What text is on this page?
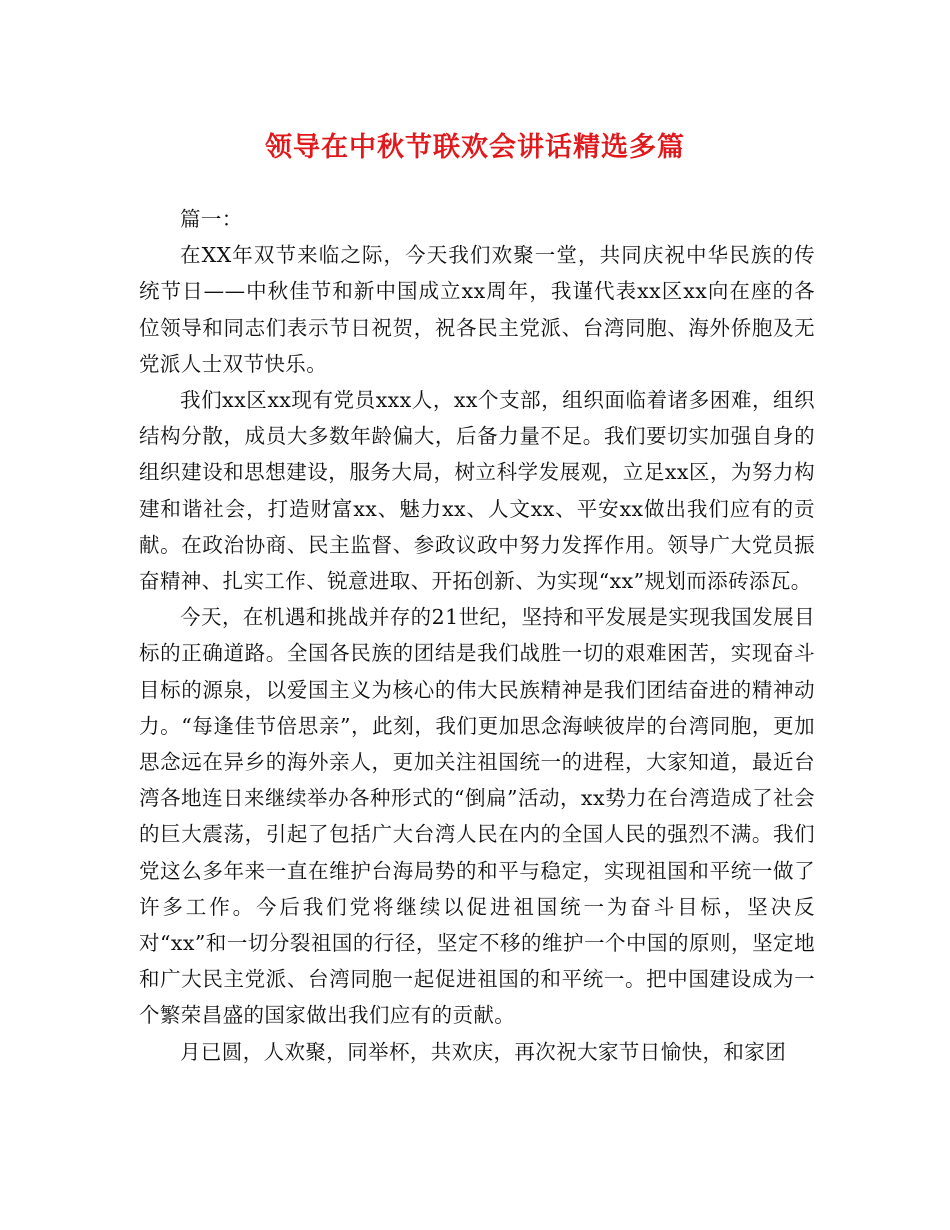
领导在中秋节联欢会讲话精选多篇

篇一：

在XX年双节来临之际，今天我们欢聚一堂，共同庆祝中华民族的传统节日——中秋佳节和新中国成立xx周年，我谨代表xx区xx向在座的各位领导和同志们表示节日祝贺，祝各民主党派、台湾同胞、海外侨胞及无党派人士双节快乐。

我们xx区xx现有党员xxx人，xx个支部，组织面临着诸多困难，组织结构分散，成员大多数年龄偏大，后备力量不足。我们要切实加强自身的组织建设和思想建设，服务大局，树立科学发展观，立足xx区，为努力构建和谐社会，打造财富xx、魅力xx、人文xx、平安xx做出我们应有的贡献。在政治协商、民主监督、参政议政中努力发挥作用。领导广大党员振奋精神、扎实工作、锐意进取、开拓创新、为实现“xx”规划而添砖添瓦。

今天，在机遇和挑战并存的21世纪，坚持和平发展是实现我国发展目标的正确道路。全国各民族的团结是我们战胜一切的艰难困苦，实现奋斗目标的源泉，以爱国主义为核心的伟大民族精神是我们团结奋进的精神动力。“每逢佳节倍思亲”，此刻，我们更加思念海峡彼岸的台湾同胞，更加思念远在异乡的海外亲人，更加关注祖国统一的进程，大家知道，最近台湾各地连日来继续举办各种形式的“倒扁”活动，xx势力在台湾造成了社会的巨大震荡，引起了包括广大台湾人民在内的全国人民的强烈不满。我们党这么多年来一直在维护台海局势的和平与稳定，实现祖国和平统一做了许多工作。今后我们党将继续以促进祖国统一为奋斗目标，坚决反对“xx”和一切分裂祖国的行径，坚定不移的维护一个中国的原则，坚定地和广大民主党派、台湾同胞一起促进祖国的和平统一。把中国建设成为一个繁荣昌盛的国家做出我们应有的贡献。

月已圆，人欢聚，同举杯，共欢庆，再次祝大家节日愉快，和家团
